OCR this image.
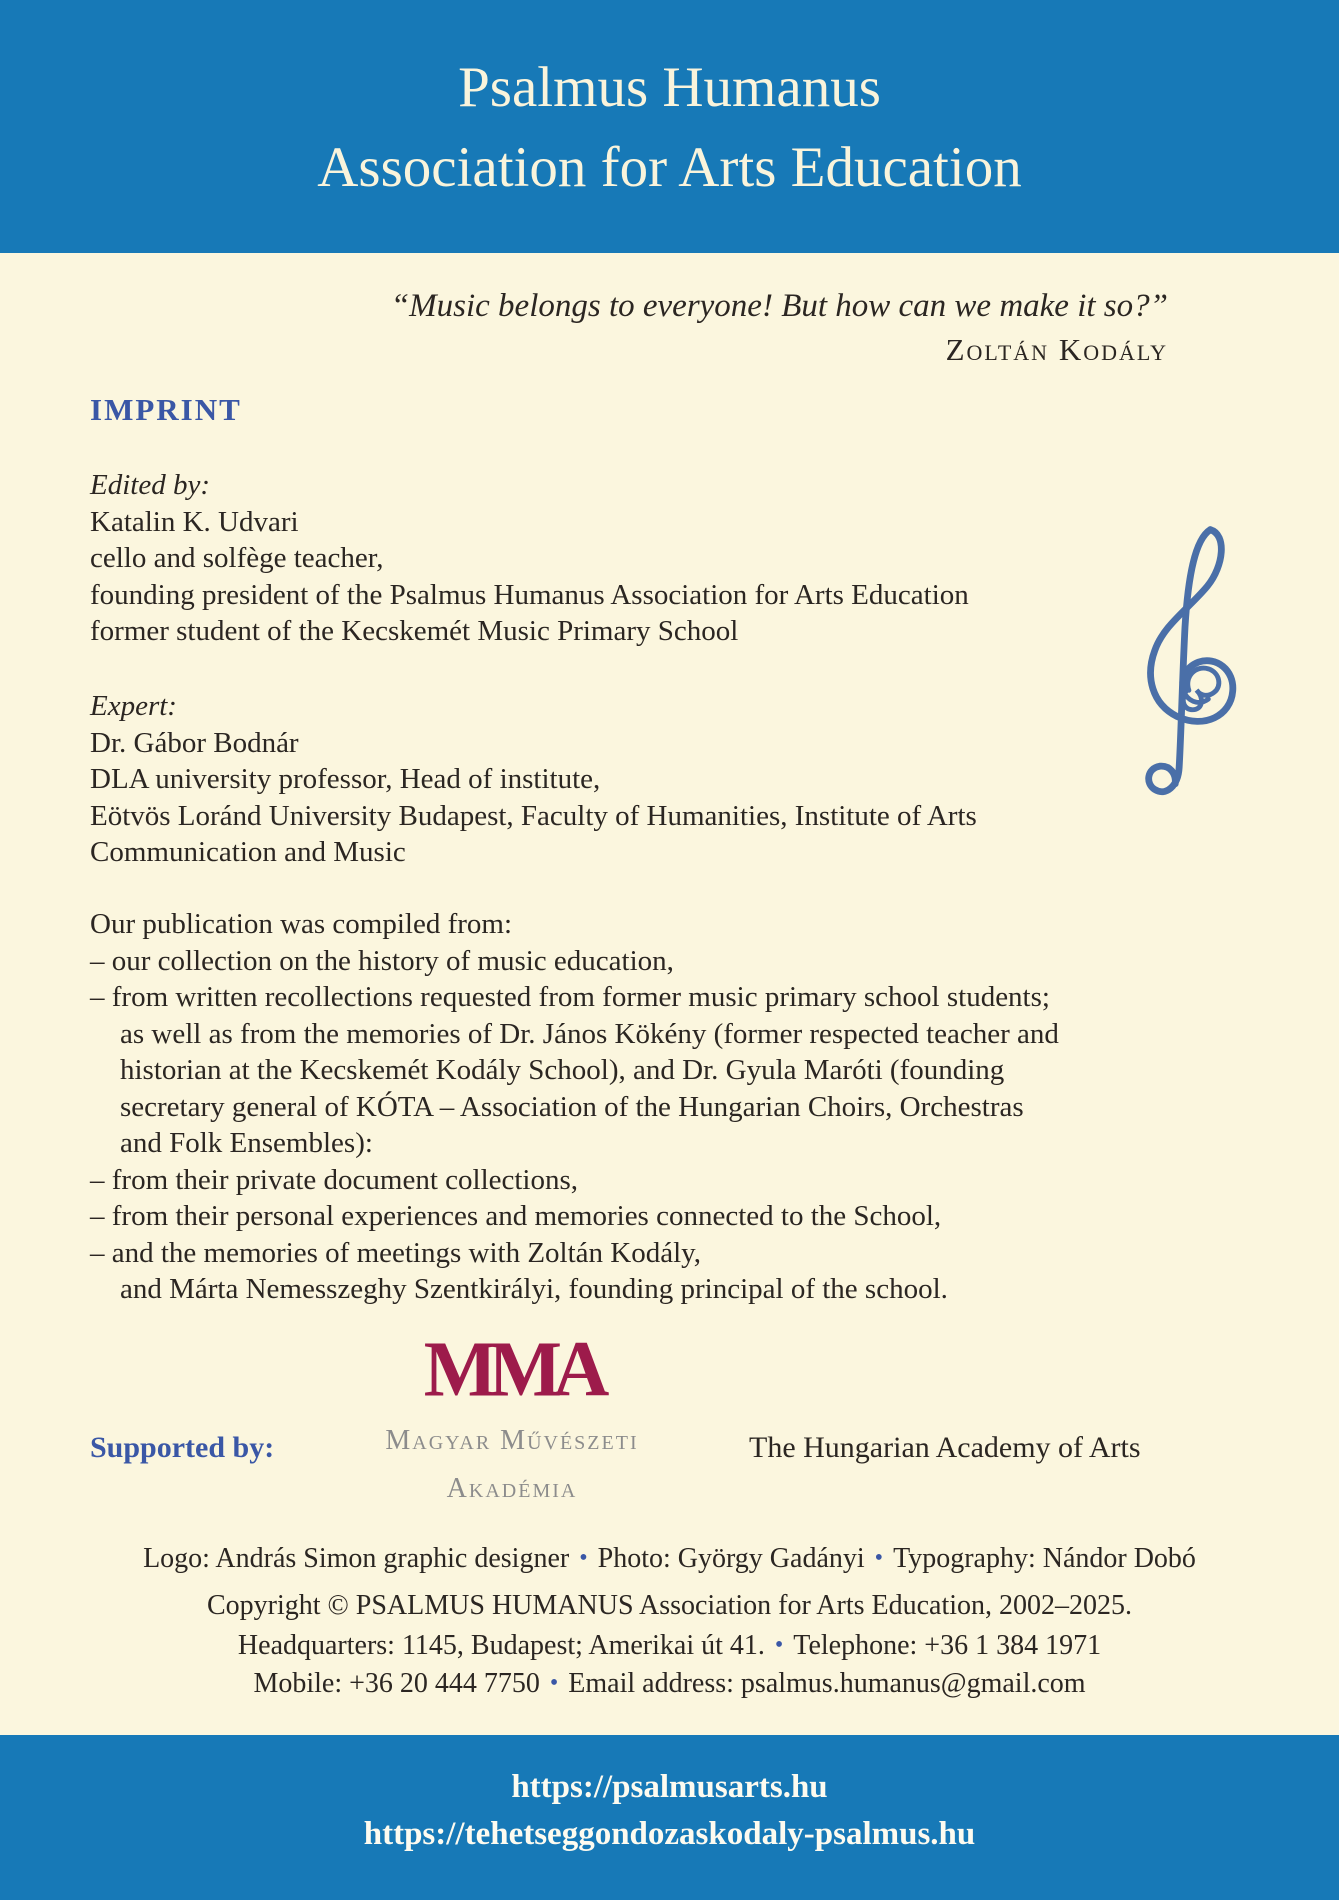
Psalmus Humanus
Association for Arts Education
“Music belongs to everyone! But how can we make it so?”
Zoltán Kodály
IMPRINT
Edited by:
Katalin K. Udvari
cello and solfège teacher,
founding president of the Psalmus Humanus Association for Arts Education
former student of the Kecskemét Music Primary School
Expert:
Dr. Gábor Bodnár
DLA university professor, Head of institute,
Eötvös Loránd University Budapest, Faculty of Humanities, Institute of Arts
Communication and Music
Our publication was compiled from:
– our collection on the history of music education,
– from written recollections requested from former music primary school students;
as well as from the memories of Dr. János Kökény (former respected teacher and
historian at the Kecskemét Kodály School), and Dr. Gyula Maróti (founding
secretary general of KÓTA – Association of the Hungarian Choirs, Orchestras
and Folk Ensembles):
– from their private document collections,
– from their personal experiences and memories connected to the School,
– and the memories of meetings with Zoltán Kodály,
and Márta Nemesszeghy Szentkirályi, founding principal of the school.
Supported by:
MMA
Magyar Művészeti
Akadémia
The Hungarian Academy of Arts
Logo: András Simon graphic designer • Photo: György Gadányi • Typography: Nándor Dobó
Copyright © PSALMUS HUMANUS Association for Arts Education, 2002–2025.
Headquarters: 1145, Budapest; Amerikai út 41. • Telephone: +36 1 384 1971
Mobile: +36 20 444 7750 • Email address: psalmus.humanus@gmail.com
https://psalmusarts.hu
https://tehetseggondozaskodaly-psalmus.hu
